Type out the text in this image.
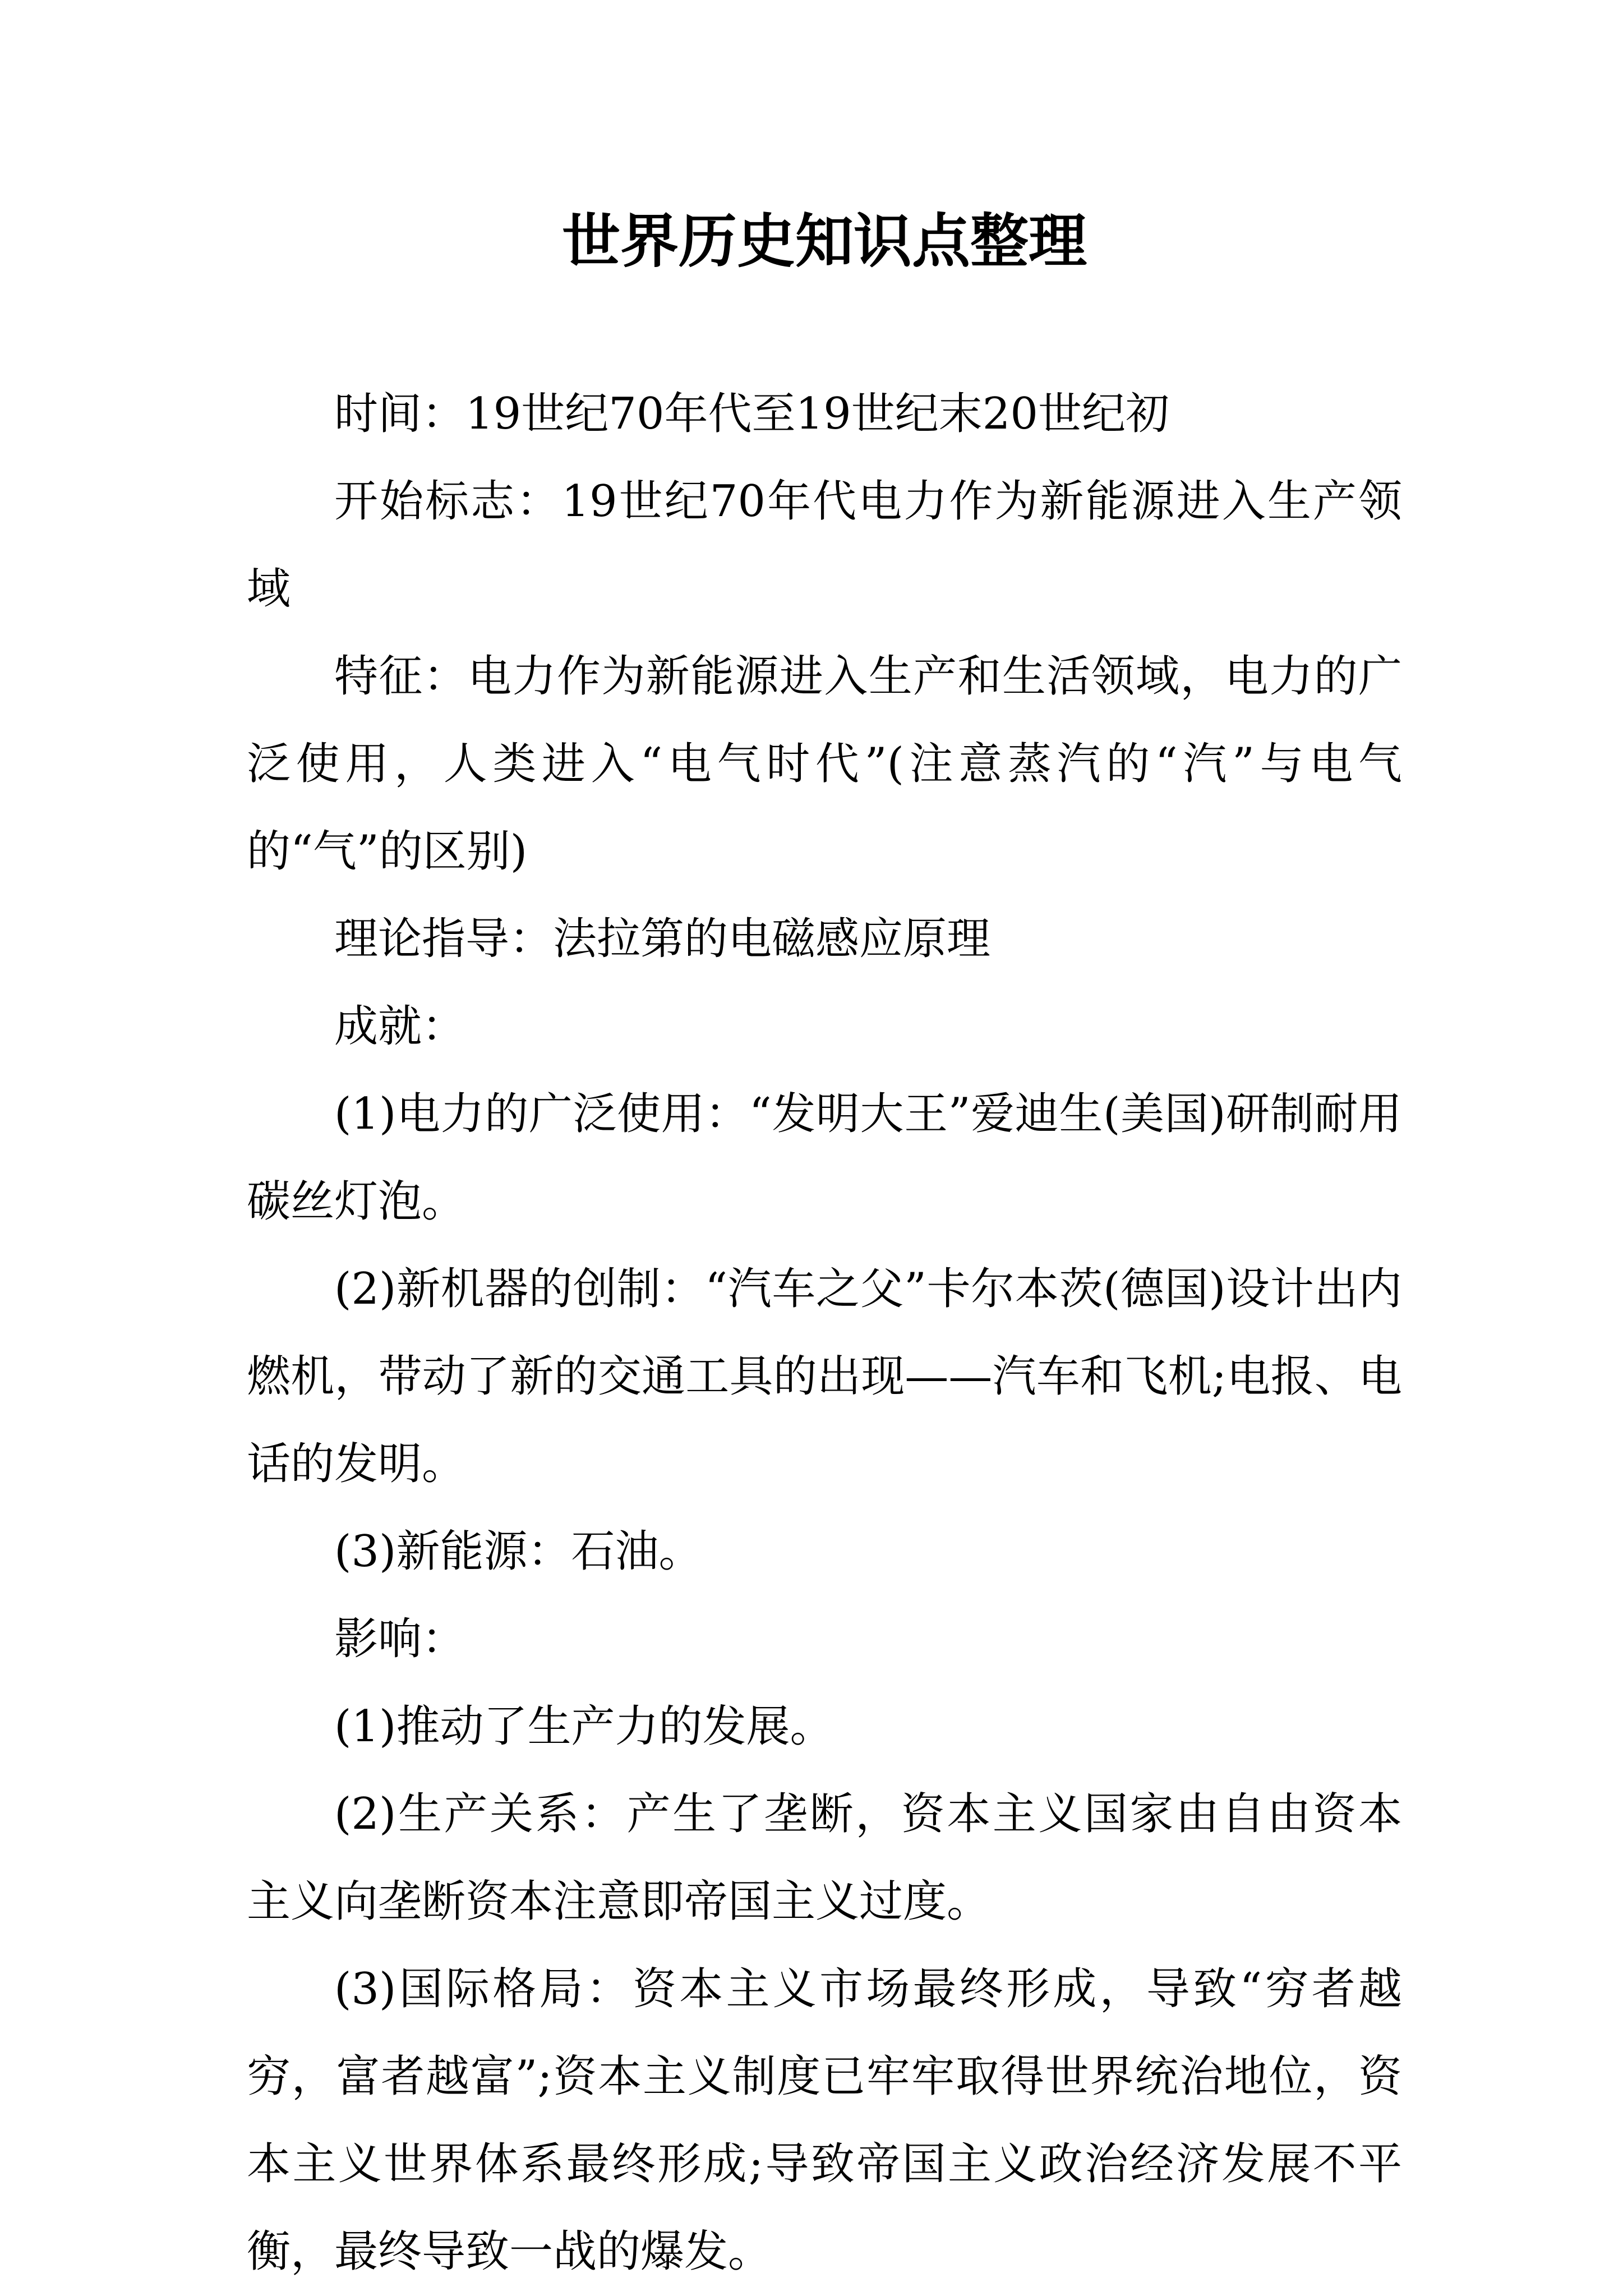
世界历史知识点整理

时间：19世纪70年代至19世纪末20世纪初

开始标志：19世纪70年代电力作为新能源进入生产领域

特征：电力作为新能源进入生产和生活领域，电力的广泛使用，人类进入“电气时代”(注意蒸汽的“汽”与电气的“气”的区别)

理论指导：法拉第的电磁感应原理

成就：

(1)电力的广泛使用：“发明大王”爱迪生(美国)研制耐用碳丝灯泡。

(2)新机器的创制：“汽车之父”卡尔本茨(德国)设计出内燃机，带动了新的交通工具的出现——汽车和飞机;电报、电话的发明。

(3)新能源：石油。

影响：

(1)推动了生产力的发展。

(2)生产关系：产生了垄断，资本主义国家由自由资本主义向垄断资本注意即帝国主义过度。

(3)国际格局：资本主义市场最终形成，导致“穷者越穷，富者越富”;资本主义制度已牢牢取得世界统治地位，资本主义世界体系最终形成;导致帝国主义政治经济发展不平衡，最终导致一战的爆发。
